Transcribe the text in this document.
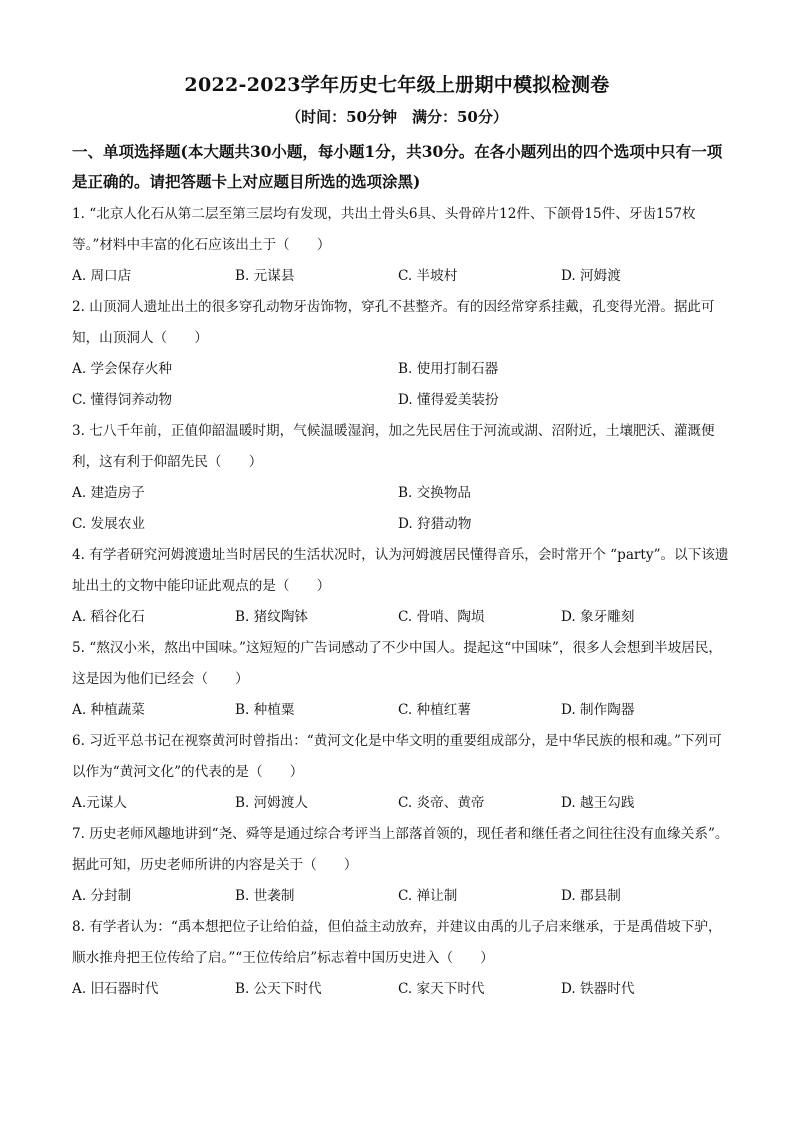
2022-2023学年历史七年级上册期中模拟检测卷
（时间：50分钟　满分：50分）
一、单项选择题(本大题共30小题，每小题1分，共30分。在各小题列出的四个选项中只有一项是正确的。请把答题卡上对应题目所选的选项涂黑)

1. “北京人化石从第二层至第三层均有发现，共出土骨头6具、头骨碎片12件、下颌骨15件、牙齿157枚等。”材料中丰富的化石应该出土于（　　）

A. 周口店	B. 元谋县	C. 半坡村	D. 河姆渡

2. 山顶洞人遗址出土的很多穿孔动物牙齿饰物，穿孔不甚整齐。有的因经常穿系挂戴，孔变得光滑。据此可知，山顶洞人（　　）

A. 学会保存火种	B. 使用打制石器
C. 懂得饲养动物	D. 懂得爱美装扮

3. 七八千年前，正值仰韶温暖时期，气候温暖湿润，加之先民居住于河流或湖、沼附近，土壤肥沃、灌溉便利，这有利于仰韶先民（　　）

A. 建造房子	B. 交换物品
C. 发展农业	D. 狩猎动物

4. 有学者研究河姆渡遗址当时居民的生活状况时，认为河姆渡居民懂得音乐，会时常开个 “party”。以下该遗址出土的文物中能印证此观点的是（　　）

A. 稻谷化石	B. 猪纹陶钵	C. 骨哨、陶埙	D. 象牙雕刻

5. “熬汉小米，熬出中国味。”这短短的广告词感动了不少中国人。提起这“中国味”，很多人会想到半坡居民，这是因为他们已经会（　　）

A. 种植蔬菜	B. 种植粟	C. 种植红薯	D. 制作陶器

6. 习近平总书记在视察黄河时曾指出：“黄河文化是中华文明的重要组成部分，是中华民族的根和魂。”下列可以作为“黄河文化”的代表的是（　　）

A.元谋人	B. 河姆渡人	C. 炎帝、黄帝	D. 越王勾践

7. 历史老师风趣地讲到“尧、舜等是通过综合考评当上部落首领的，现任者和继任者之间往往没有血缘关系”。据此可知，历史老师所讲的内容是关于（　　）

A. 分封制	B. 世袭制	C. 禅让制	D. 郡县制

8. 有学者认为：“禹本想把位子让给伯益，但伯益主动放弃，并建议由禹的儿子启来继承，于是禹借坡下驴，顺水推舟把王位传给了启。”“王位传给启”标志着中国历史进入（　　）

A. 旧石器时代	B. 公天下时代	C. 家天下时代	D. 铁器时代
